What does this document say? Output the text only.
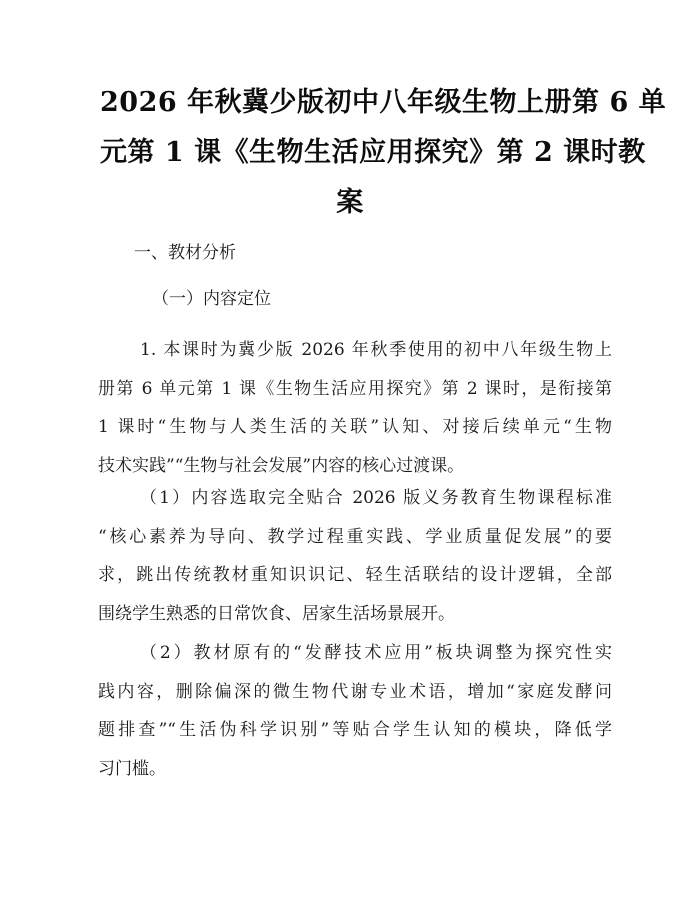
2026 年秋冀少版初中八年级生物上册第 6 单
元第 1 课《生物生活应用探究》第 2 课时教
案
一、教材分析
（一）内容定位
1. 本课时为冀少版 2026 年秋季使用的初中八年级生物上
册第 6 单元第 1 课《生物生活应用探究》第 2 课时，是衔接第
1 课时“生物与人类生活的关联”认知、对接后续单元“生物
技术实践”“生物与社会发展”内容的核心过渡课。
（1）内容选取完全贴合 2026 版义务教育生物课程标准
“核心素养为导向、教学过程重实践、学业质量促发展”的要
求，跳出传统教材重知识识记、轻生活联结的设计逻辑，全部
围绕学生熟悉的日常饮食、居家生活场景展开。
（2）教材原有的“发酵技术应用”板块调整为探究性实
践内容，删除偏深的微生物代谢专业术语，增加“家庭发酵问
题排查”“生活伪科学识别”等贴合学生认知的模块，降低学
习门槛。
